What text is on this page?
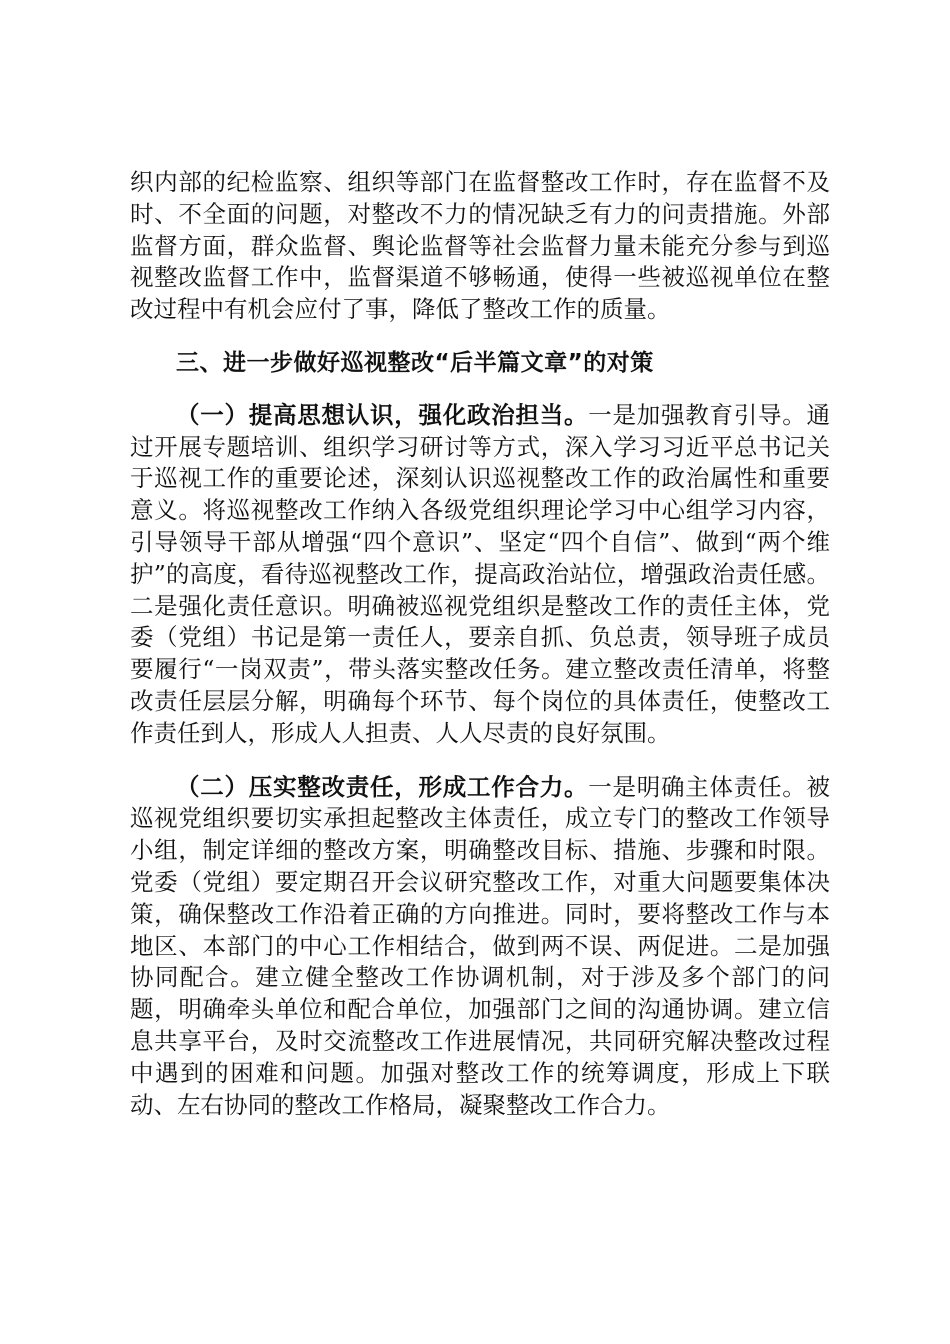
织内部的纪检监察、组织等部门在监督整改工作时，存在监督不及时、不全面的问题，对整改不力的情况缺乏有力的问责措施。外部监督方面，群众监督、舆论监督等社会监督力量未能充分参与到巡视整改监督工作中，监督渠道不够畅通，使得一些被巡视单位在整改过程中有机会应付了事，降低了整改工作的质量。

三、进一步做好巡视整改“后半篇文章”的对策

（一）提高思想认识，强化政治担当。一是加强教育引导。通过开展专题培训、组织学习研讨等方式，深入学习习近平总书记关于巡视工作的重要论述，深刻认识巡视整改工作的政治属性和重要意义。将巡视整改工作纳入各级党组织理论学习中心组学习内容，引导领导干部从增强“四个意识”、坚定“四个自信”、做到“两个维护”的高度，看待巡视整改工作，提高政治站位，增强政治责任感。二是强化责任意识。明确被巡视党组织是整改工作的责任主体，党委（党组）书记是第一责任人，要亲自抓、负总责，领导班子成员要履行“一岗双责”，带头落实整改任务。建立整改责任清单，将整改责任层层分解，明确每个环节、每个岗位的具体责任，使整改工作责任到人，形成人人担责、人人尽责的良好氛围。

（二）压实整改责任，形成工作合力。一是明确主体责任。被巡视党组织要切实承担起整改主体责任，成立专门的整改工作领导小组，制定详细的整改方案，明确整改目标、措施、步骤和时限。党委（党组）要定期召开会议研究整改工作，对重大问题要集体决策，确保整改工作沿着正确的方向推进。同时，要将整改工作与本地区、本部门的中心工作相结合，做到两不误、两促进。二是加强协同配合。建立健全整改工作协调机制，对于涉及多个部门的问题，明确牵头单位和配合单位，加强部门之间的沟通协调。建立信息共享平台，及时交流整改工作进展情况，共同研究解决整改过程中遇到的困难和问题。加强对整改工作的统筹调度，形成上下联动、左右协同的整改工作格局，凝聚整改工作合力。
